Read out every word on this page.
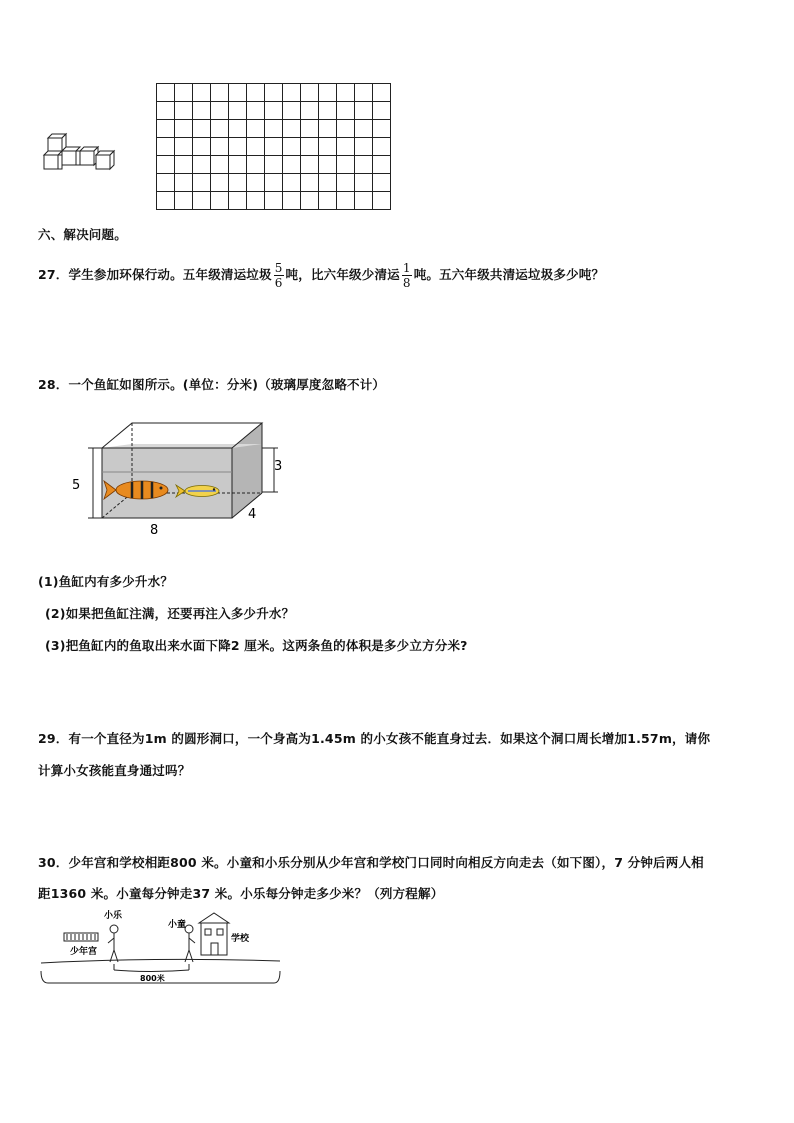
六、解决问题。
27．学生参加环保行动。五年级清运垃圾 $\frac{5}{6}$ 吨，比六年级少清运 $\frac{1}{8}$ 吨。五六年级共清运垃圾多少吨？
28．一个鱼缸如图所示。(单位：分米)（玻璃厚度忽略不计）
5
3
8
4
(1)鱼缸内有多少升水？
(2)如果把鱼缸注满，还要再注入多少升水？
(3)把鱼缸内的鱼取出来水面下降2 厘米。这两条鱼的体积是多少立方分米?
29．有一个直径为1m 的圆形洞口，一个身高为1.45m 的小女孩不能直身过去．如果这个洞口周长增加1.57m，请你
计算小女孩能直身通过吗？
30．少年宫和学校相距800 米。小童和小乐分别从少年宫和学校门口同时向相反方向走去（如下图），7 分钟后两人相
距1360 米。小童每分钟走37 米。小乐每分钟走多少米？（列方程解）
小乐
少年宫
小童
学校
800米
